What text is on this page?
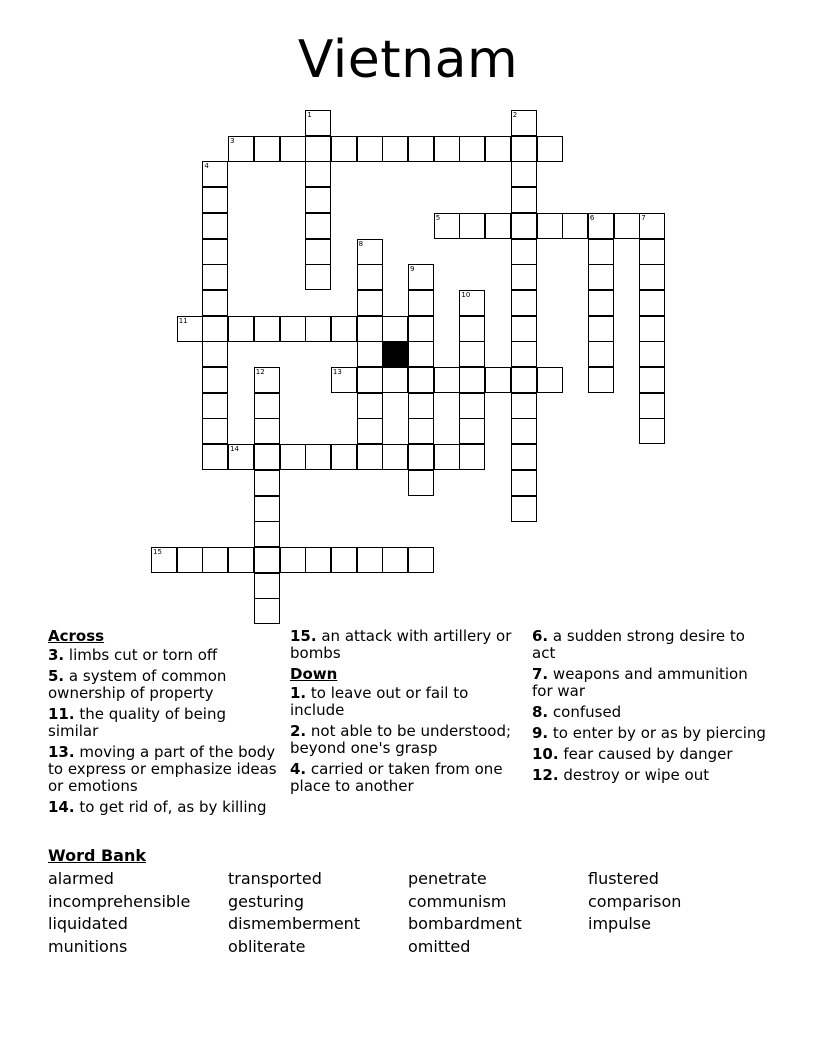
Vietnam
1	2
3
4
5	6	7
8
9
10
11
12	13
14
15
Across
3. limbs cut or torn off
5. a system of common ownership of property
11. the quality of being similar
13. moving a part of the body to express or emphasize ideas or emotions
14. to get rid of, as by killing
15. an attack with artillery or bombs
Down
1. to leave out or fail to include
2. not able to be understood; beyond one's grasp
4. carried or taken from one place to another
6. a sudden strong desire to act
7. weapons and ammunition for war
8. confused
9. to enter by or as by piercing
10. fear caused by danger
12. destroy or wipe out
Word Bank
alarmed
incomprehensible
liquidated
munitions
transported
gesturing
dismemberment
obliterate
penetrate
communism
bombardment
omitted
flustered
comparison
impulse
